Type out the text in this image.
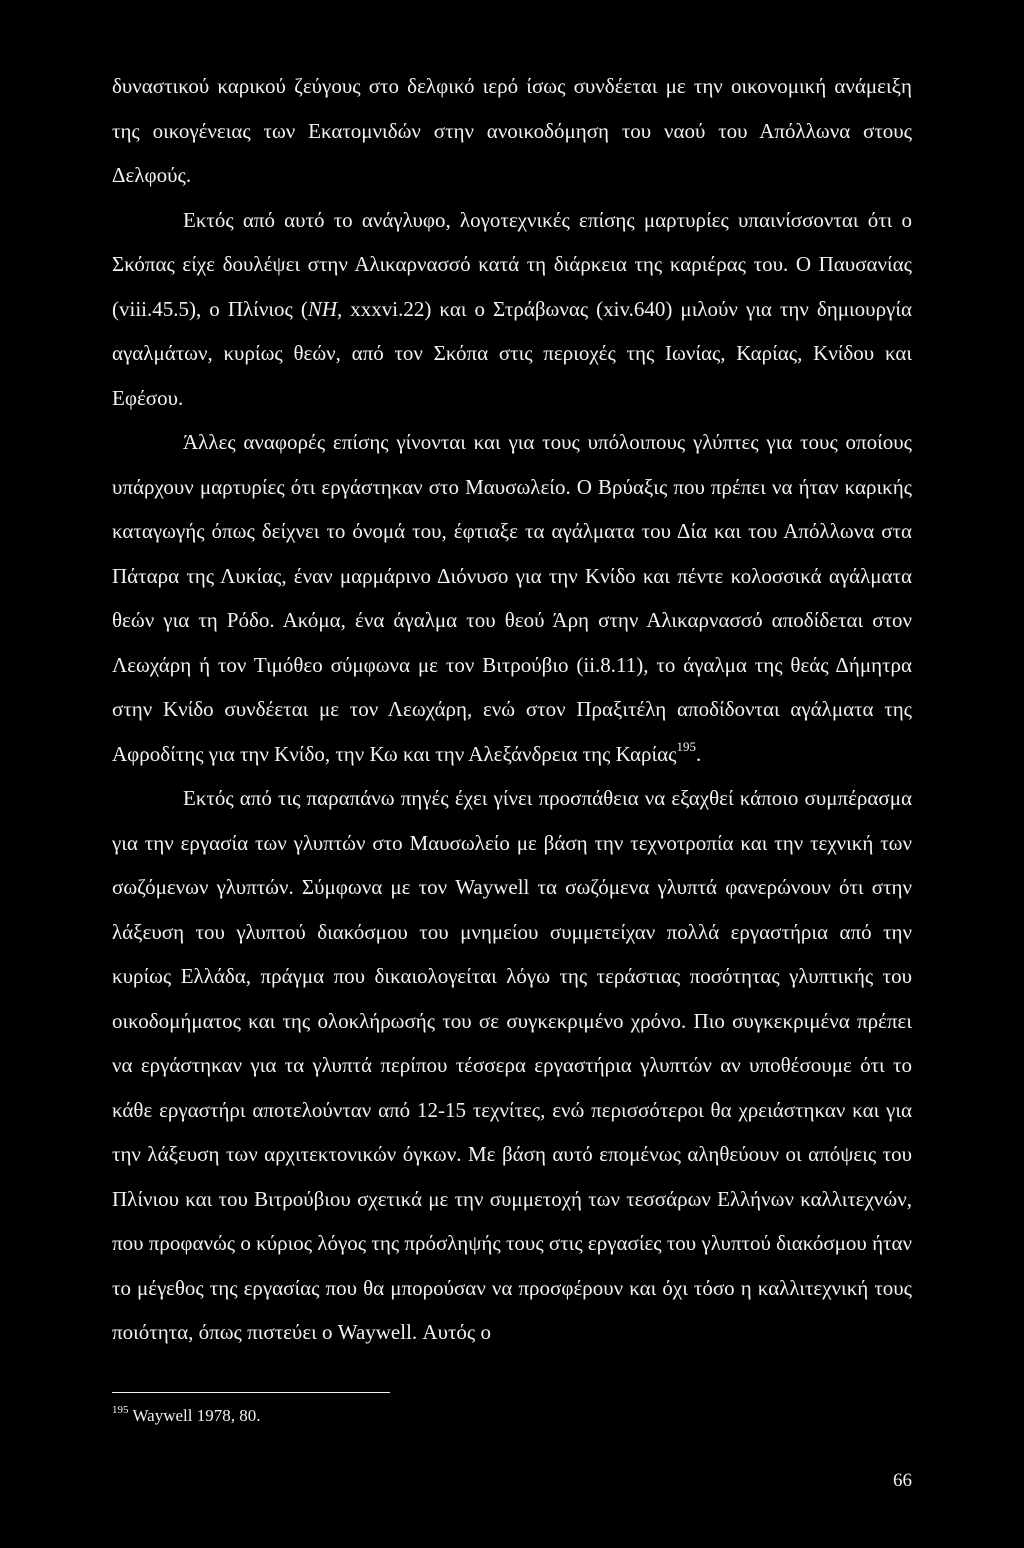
δυναστικού καρικού ζεύγους στο δελφικό ιερό ίσως συνδέεται με την οικονομική ανάμειξη της οικογένειας των Εκατομνιδών στην ανοικοδόμηση του ναού του Απόλλωνα στους Δελφούς.

Εκτός από αυτό το ανάγλυφο, λογοτεχνικές επίσης μαρτυρίες υπαινίσσονται ότι ο Σκόπας είχε δουλέψει στην Αλικαρνασσό κατά τη διάρκεια της καριέρας του. Ο Παυσανίας (viii.45.5), ο Πλίνιος (NH, xxxvi.22) και ο Στράβωνας (xiv.640) μιλούν για την δημιουργία αγαλμάτων, κυρίως θεών, από τον Σκόπα στις περιοχές της Ιωνίας, Καρίας, Κνίδου και Εφέσου.

Άλλες αναφορές επίσης γίνονται και για τους υπόλοιπους γλύπτες για τους οποίους υπάρχουν μαρτυρίες ότι εργάστηκαν στο Μαυσωλείο. Ο Βρύαξις που πρέπει να ήταν καρικής καταγωγής όπως δείχνει το όνομά του, έφτιαξε τα αγάλματα του Δία και του Απόλλωνα στα Πάταρα της Λυκίας, έναν μαρμάρινο Διόνυσο για την Κνίδο και πέντε κολοσσικά αγάλματα θεών για τη Ρόδο. Ακόμα, ένα άγαλμα του θεού Άρη στην Αλικαρνασσό αποδίδεται στον Λεωχάρη ή τον Τιμόθεο σύμφωνα με τον Βιτρούβιο (ii.8.11), το άγαλμα της θεάς Δήμητρα στην Κνίδο συνδέεται με τον Λεωχάρη, ενώ στον Πραξιτέλη αποδίδονται αγάλματα της Αφροδίτης για την Κνίδο, την Κω και την Αλεξάνδρεια της Καρίας$^{195}$.

Εκτός από τις παραπάνω πηγές έχει γίνει προσπάθεια να εξαχθεί κάποιο συμπέρασμα για την εργασία των γλυπτών στο Μαυσωλείο με βάση την τεχνοτροπία και την τεχνική των σωζόμενων γλυπτών. Σύμφωνα με τον Waywell τα σωζόμενα γλυπτά φανερώνουν ότι στην λάξευση του γλυπτού διακόσμου του μνημείου συμμετείχαν πολλά εργαστήρια από την κυρίως Ελλάδα, πράγμα που δικαιολογείται λόγω της τεράστιας ποσότητας γλυπτικής του οικοδομήματος και της ολοκλήρωσής του σε συγκεκριμένο χρόνο. Πιο συγκεκριμένα πρέπει να εργάστηκαν για τα γλυπτά περίπου τέσσερα εργαστήρια γλυπτών αν υποθέσουμε ότι το κάθε εργαστήρι αποτελούνταν από 12-15 τεχνίτες, ενώ περισσότεροι θα χρειάστηκαν και για την λάξευση των αρχιτεκτονικών όγκων. Με βάση αυτό επομένως αληθεύουν οι απόψεις του Πλίνιου και του Βιτρούβιου σχετικά με την συμμετοχή των τεσσάρων Ελλήνων καλλιτεχνών, που προφανώς ο κύριος λόγος της πρόσληψής τους στις εργασίες του γλυπτού διακόσμου ήταν το μέγεθος της εργασίας που θα μπορούσαν να προσφέρουν και όχι τόσο η καλλιτεχνική τους ποιότητα, όπως πιστεύει ο Waywell. Αυτός ο

$^{195}$ Waywell 1978, 80.
66
